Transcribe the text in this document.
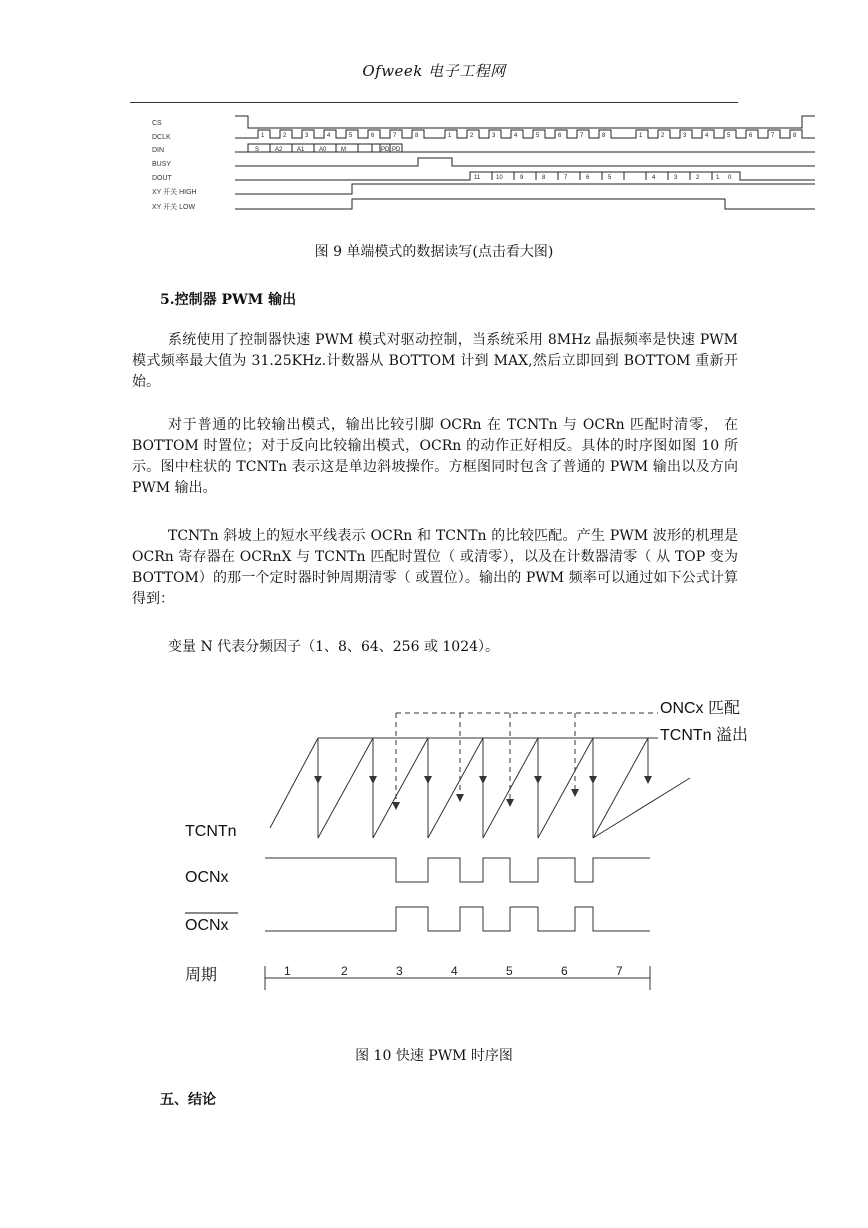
Ofweek 电子工程网
CS
DCLK
DIN
BUSY
DOUT
XY 开关 HIGH
XY 开关 LOW
1	2	3	4	5	6	7	8	1	2	3	4	5	6	7	8	1	2	3	4	5	6	7	8
S	A2 A1 A0 M	PD PD
11	10	9	8	7	6	5	4	3	2	1 0
图 9 单端模式的数据读写(点击看大图)
5.控制器 PWM 输出

系统使用了控制器快速 PWM 模式对驱动控制，当系统采用 8MHz 晶振频率是快速 PWM 模式频率最大值为 31.25KHz.计数器从 BOTTOM 计到 MAX,然后立即回到 BOTTOM 重新开始。

对于普通的比较输出模式，输出比较引脚 OCRn 在 TCNTn 与 OCRn 匹配时清零， 在 BOTTOM 时置位；对于反向比较输出模式，OCRn 的动作正好相反。具体的时序图如图 10 所示。图中柱状的 TCNTn 表示这是单边斜坡操作。方框图同时包含了普通的 PWM 输出以及方向 PWM 输出。

TCNTn 斜坡上的短水平线表示 OCRn 和 TCNTn 的比较匹配。产生 PWM 波形的机理是 OCRn 寄存器在 OCRnX 与 TCNTn 匹配时置位（ 或清零），以及在计数器清零（ 从 TOP 变为 BOTTOM）的那一个定时器时钟周期清零（ 或置位）。输出的 PWM 频率可以通过如下公式计算得到：

变量 N 代表分频因子（1、8、64、256 或 1024）。

1	2	3	4	5	6	7
ONCx 匹配
TCNTn 溢出
TCNTn
OCNx
OCNx
周期
图 10 快速 PWM 时序图
五、结论
